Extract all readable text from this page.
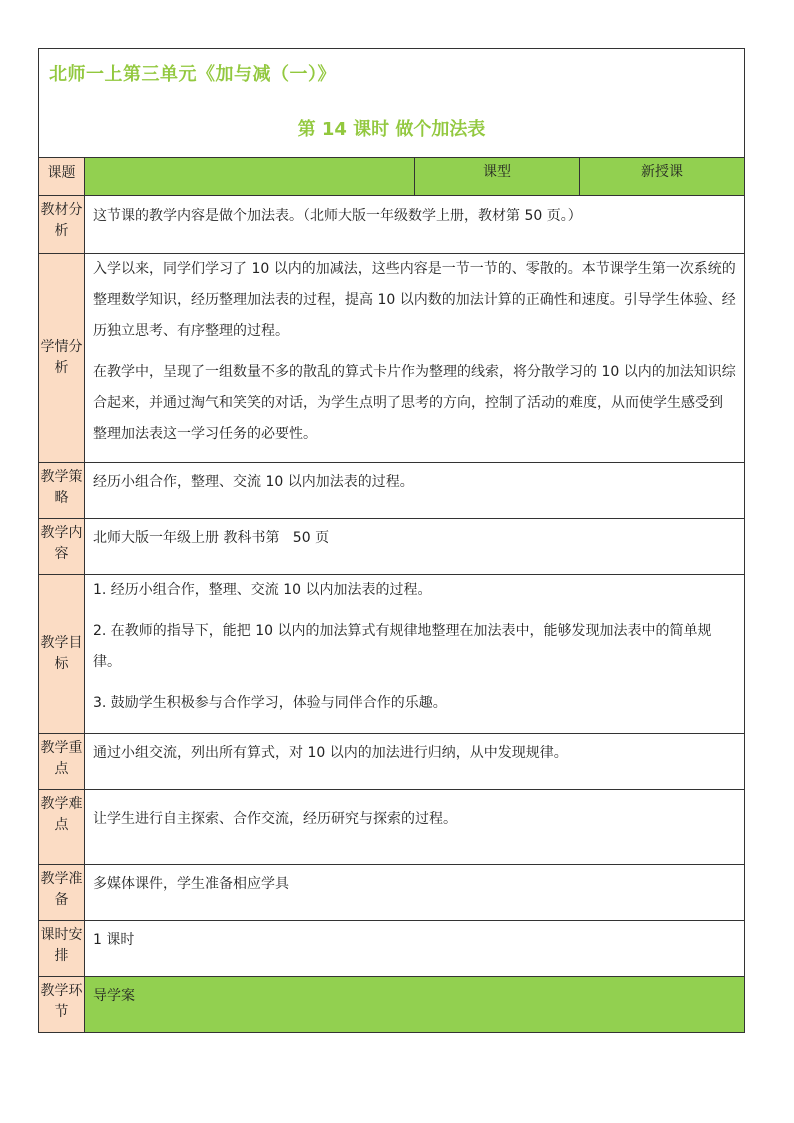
北师一上第三单元《加与减（一）》
第 14 课时 做个加法表			

课题		课型	新授课
教材分析	这节课的教学内容是做个加法表。（北师大版一年级数学上册，教材第 50 页。）		
学情分析	入学以来，同学们学习了 10 以内的加减法，这些内容是一节一节的、零散的。本节课学生第一次系统的整理数学知识，经历整理加法表的过程，提高 10 以内数的加法计算的正确性和速度。引导学生体验、经历独立思考、有序整理的过程。

在教学中，呈现了一组数量不多的散乱的算式卡片作为整理的线索，将分散学习的 10 以内的加法知识综合起来，并通过淘气和笑笑的对话，为学生点明了思考的方向，控制了活动的难度，从而使学生感受到整理加法表这一学习任务的必要性。		

教学策略	经历小组合作，整理、交流 10 以内加法表的过程。		
教学内容	北师大版一年级上册 教科书第   50 页		
教学目标	1. 经历小组合作，整理、交流 10 以内加法表的过程。

2. 在教师的指导下，能把 10 以内的加法算式有规律地整理在加法表中，能够发现加法表中的简单规律。

3. 鼓励学生积极参与合作学习，体验与同伴合作的乐趣。		

教学重点	通过小组交流，列出所有算式，对 10 以内的加法进行归纳，从中发现规律。		
教学难点	让学生进行自主探索、合作交流，经历研究与探索的过程。		
教学准备	多媒体课件，学生准备相应学具		
课时安排	1 课时		
教学环节	导学案		
